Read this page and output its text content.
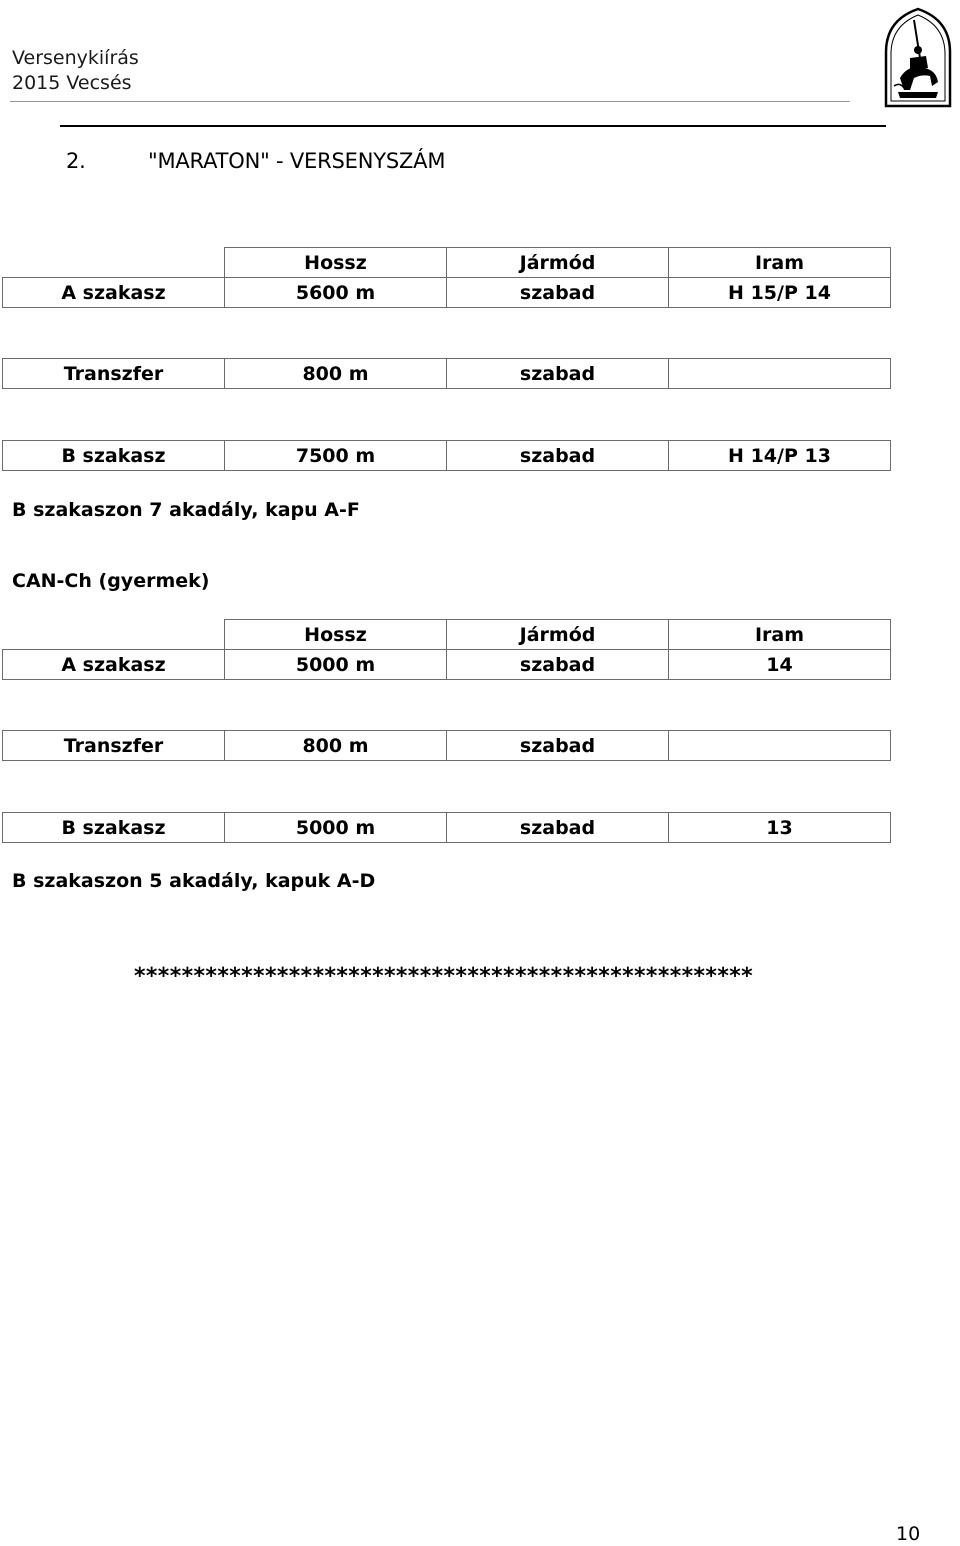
Versenykiírás
2015 Vecsés
2.	"MARATON" - VERSENYSZÁM
	Hossz	Jármód	Iram
A szakasz	5600 m	szabad	H 15/P 14
Transzfer	800 m	szabad	
B szakasz	7500 m	szabad	H 14/P 13
B szakaszon 7 akadály, kapu A-F
CAN-Ch (gyermek)
	Hossz	Jármód	Iram
A szakasz	5000 m	szabad	14
Transzfer	800 m	szabad	
B szakasz	5000 m	szabad	13
B szakaszon 5 akadály, kapuk A-D
****************************************************
10
